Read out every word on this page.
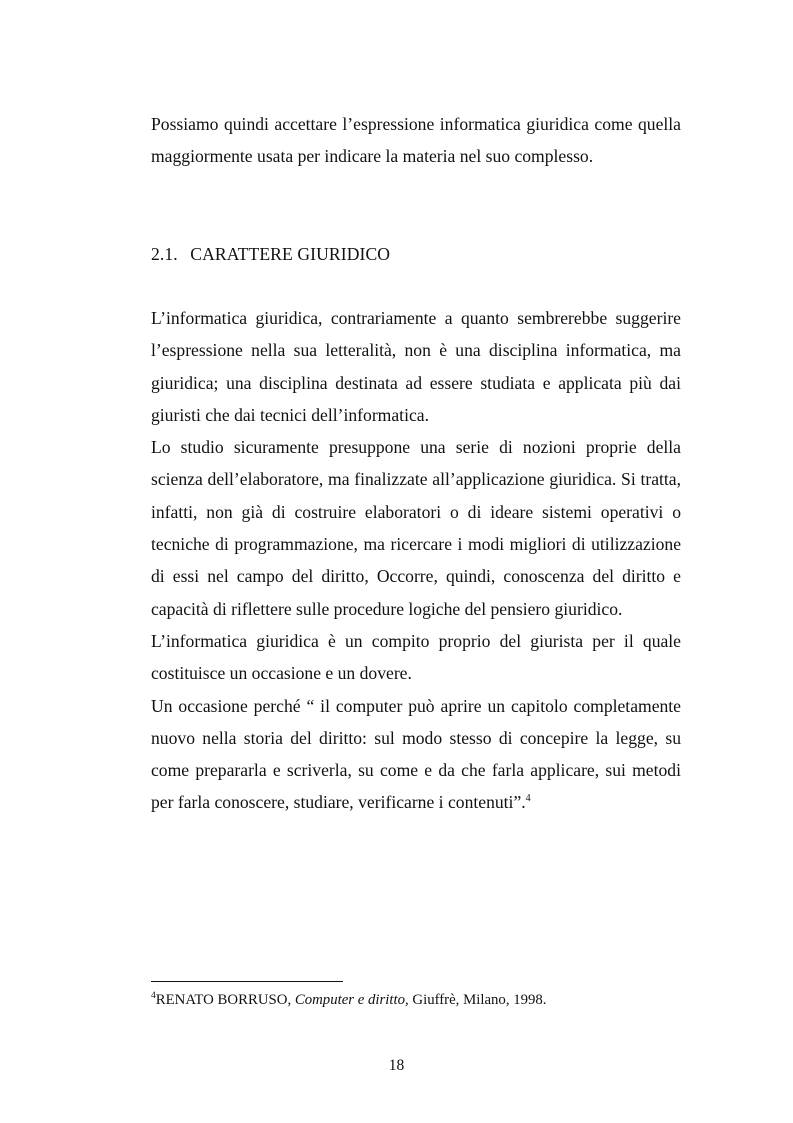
Possiamo quindi accettare l’espressione informatica giuridica come quella maggiormente usata per indicare la materia nel suo complesso.

2.1. CARATTERE GIURIDICO

L’informatica giuridica, contrariamente a quanto sembrerebbe suggerire l’espressione nella sua letteralità, non è una disciplina informatica, ma giuridica; una disciplina destinata ad essere studiata e applicata più dai giuristi che dai tecnici dell’informatica.

Lo studio sicuramente presuppone una serie di nozioni proprie della scienza dell’elaboratore, ma finalizzate all’applicazione giuridica. Si tratta, infatti, non già di costruire elaboratori o di ideare sistemi operativi o tecniche di programmazione, ma ricercare i modi migliori di utilizzazione di essi nel campo del diritto, Occorre, quindi, conoscenza del diritto e capacità di riflettere sulle procedure logiche del pensiero giuridico.

L’informatica giuridica è un compito proprio del giurista per il quale costituisce un occasione e un dovere.

Un occasione perché “ il computer può aprire un capitolo completamente nuovo nella storia del diritto: sul modo stesso di concepire la legge, su come prepararla e scriverla, su come e da che farla applicare, sui metodi per farla conoscere, studiare, verificarne i contenuti”.$^4$

$^4$RENATO BORRUSO, Computer e diritto, Giuffrè, Milano, 1998.

18
